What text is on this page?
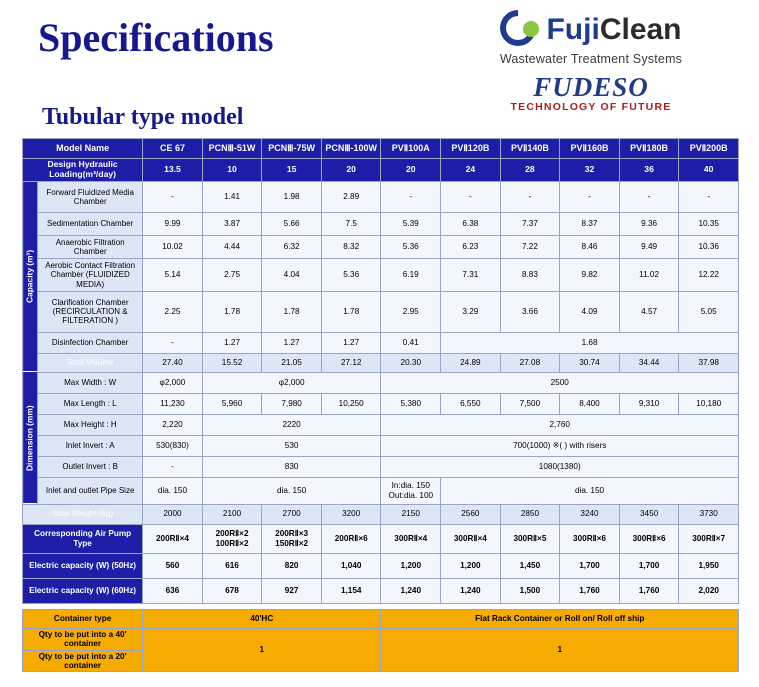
Specifications
Tubular type model
FujiClean
Wastewater Treatment Systems
FUDESO
TECHNOLOGY OF FUTURE
Model Name		CE 67	PCNⅢ-51W	PCNⅢ-75W	PCNⅢ-100W	PVⅡ100A	PVⅡ120B	PVⅡ140B	PVⅡ160B	PVⅡ180B	PVⅡ200B
Design Hydraulic Loading(m³/day)		13.5	10	15	20	20	24	28	32	36	40
Capacity (m³)	Forward Fluidized Media Chamber	-	1.41	1.98	2.89	-	-	-	-	-	-
	Sedimentation Chamber	9.99	3.87	5.66	7.5	5.39	6.38	7.37	8.37	9.36	10.35
	Anaerobic Filtration Chamber	10.02	4.44	6.32	8.32	5.36	6.23	7.22	8.46	9.49	10.36
	Aerobic Contact Filtration Chamber (FLUIDIZED MEDIA)	5.14	2.75	4.04	5.36	6.19	7.31	8.83	9.82	11.02	12.22
	Clarification Chamber (RECIRCULATION & FILTERATION )	2.25	1.78	1.78	1.78	2.95	3.29	3.66	4.09	4.57	5.05
	Disinfection Chamber	-	1.27	1.27	1.27	0.41	1.68				
	Total Volume	27.40	15.52	21.05	27.12	20.30	24.89	27.08	30.74	34.44	37.98
Dimension (mm)	Max Width : W	φ2,000	φ2,000			2500					
	Max Length : L	11,230	5,960	7,980	10,250	5,380	6,550	7,500	8,400	9,310	10,180
	Max Height : H	2,220	2220			2,760					
	Inlet Invert : A	530(830)	530			700(1000) ※( ) with risers					
	Outlet Invert : B	-	830			1080(1380)					
	Inlet and outlet Pipe Size	dia. 150	dia. 150			In:dia. 150 Out:dia. 100	dia. 150				
Total Weight (kg)		2000	2100	2700	3200	2150	2560	2850	3240	3450	3730
Corresponding Air Pump Type		200RⅡ×4	200RⅡ×2 100RⅡ×2	200RⅡ×3 150RⅡ×2	200RⅡ×6	300RⅡ×4	300RⅡ×4	300RⅡ×5	300RⅡ×6	300RⅡ×6	300RⅡ×7
Electric capacity (W) (50Hz)		560	616	820	1,040	1,200	1,200	1,450	1,700	1,700	1,950
Electric capacity (W) (60Hz)		636	678	927	1,154	1,240	1,240	1,500	1,760	1,760	2,020

Container type		40'HC				Flat Rack Container or Roll on/ Roll off ship					
Qty to be put into a 40' container		1				1					
Qty to be put into a 20' container											
